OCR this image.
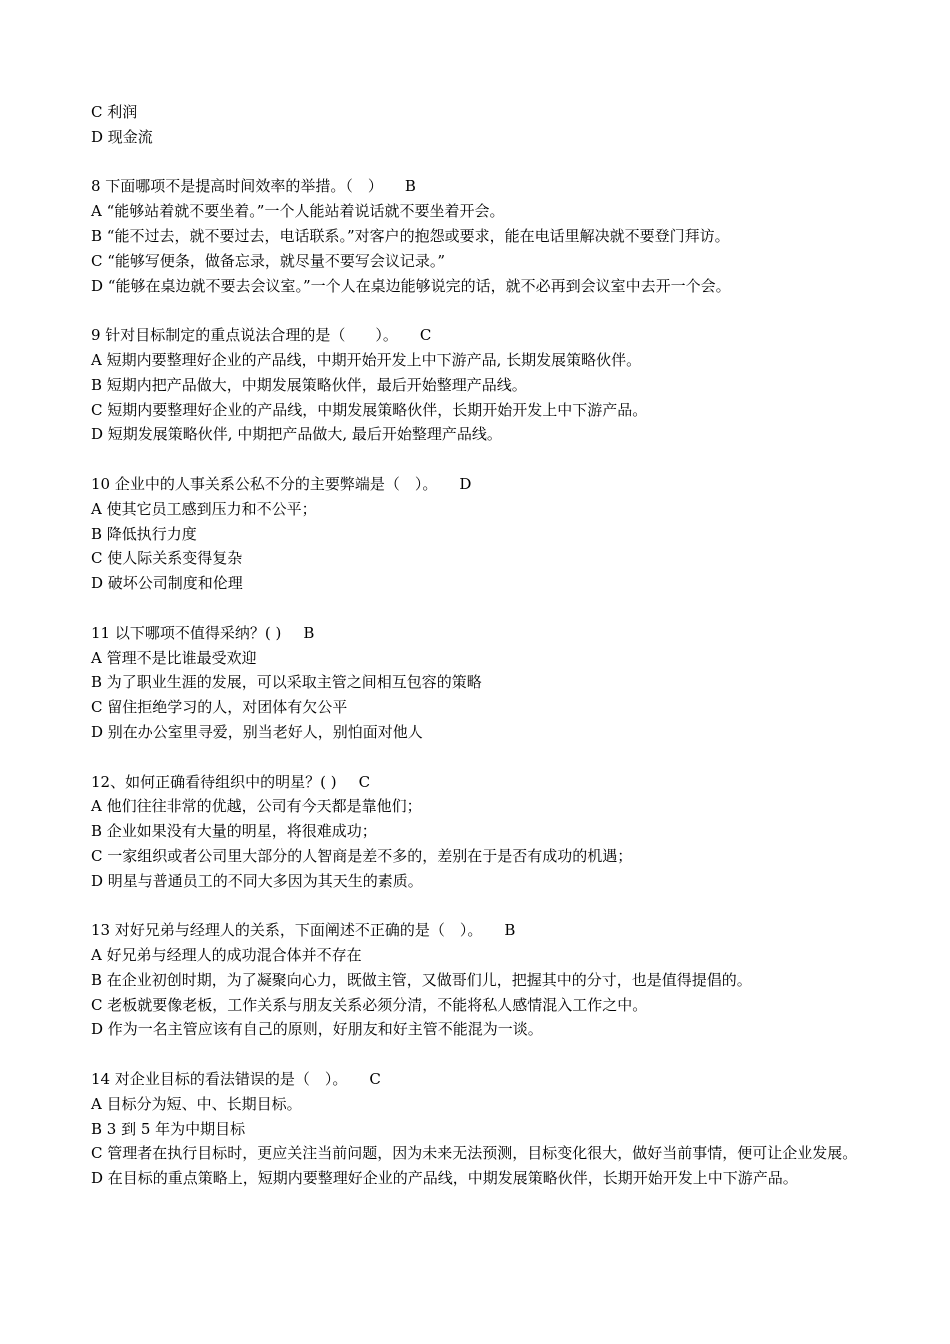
C 利润
D 现金流
8 下面哪项不是提高时间效率的举措。（　） B
A “能够站着就不要坐着。”一个人能站着说话就不要坐着开会。
B “能不过去，就不要过去，电话联系。”对客户的抱怨或要求，能在电话里解决就不要登门拜访。
C “能够写便条，做备忘录，就尽量不要写会议记录。”
D “能够在桌边就不要去会议室。”一个人在桌边能够说完的话，就不必再到会议室中去开一个会。
9 针对目标制定的重点说法合理的是（　　）。 C
A 短期内要整理好企业的产品线，中期开始开发上中下游产品, 长期发展策略伙伴。
B 短期内把产品做大，中期发展策略伙伴，最后开始整理产品线。
C 短期内要整理好企业的产品线，中期发展策略伙伴，长期开始开发上中下游产品。
D 短期发展策略伙伴, 中期把产品做大, 最后开始整理产品线。
10 企业中的人事关系公私不分的主要弊端是（　）。 D
A 使其它员工感到压力和不公平；
B 降低执行力度
C 使人际关系变得复杂
D 破坏公司制度和伦理
11 以下哪项不值得采纳？( ) B
A 管理不是比谁最受欢迎
B 为了职业生涯的发展，可以采取主管之间相互包容的策略
C 留住拒绝学习的人，对团体有欠公平
D 别在办公室里寻爱，别当老好人，别怕面对他人
12、如何正确看待组织中的明星？( ) C
A 他们往往非常的优越，公司有今天都是靠他们；
B 企业如果没有大量的明星，将很难成功；
C 一家组织或者公司里大部分的人智商是差不多的，差别在于是否有成功的机遇；
D 明星与普通员工的不同大多因为其天生的素质。
13 对好兄弟与经理人的关系，下面阐述不正确的是（　）。 B
A 好兄弟与经理人的成功混合体并不存在
B 在企业初创时期，为了凝聚向心力，既做主管，又做哥们儿，把握其中的分寸，也是值得提倡的。
C 老板就要像老板，工作关系与朋友关系必须分清，不能将私人感情混入工作之中。
D 作为一名主管应该有自己的原则，好朋友和好主管不能混为一谈。
14 对企业目标的看法错误的是（　）。 C
A 目标分为短、中、长期目标。
B 3 到 5 年为中期目标
C 管理者在执行目标时，更应关注当前问题，因为未来无法预测，目标变化很大，做好当前事情，便可让企业发展。
D 在目标的重点策略上，短期内要整理好企业的产品线，中期发展策略伙伴，长期开始开发上中下游产品。
